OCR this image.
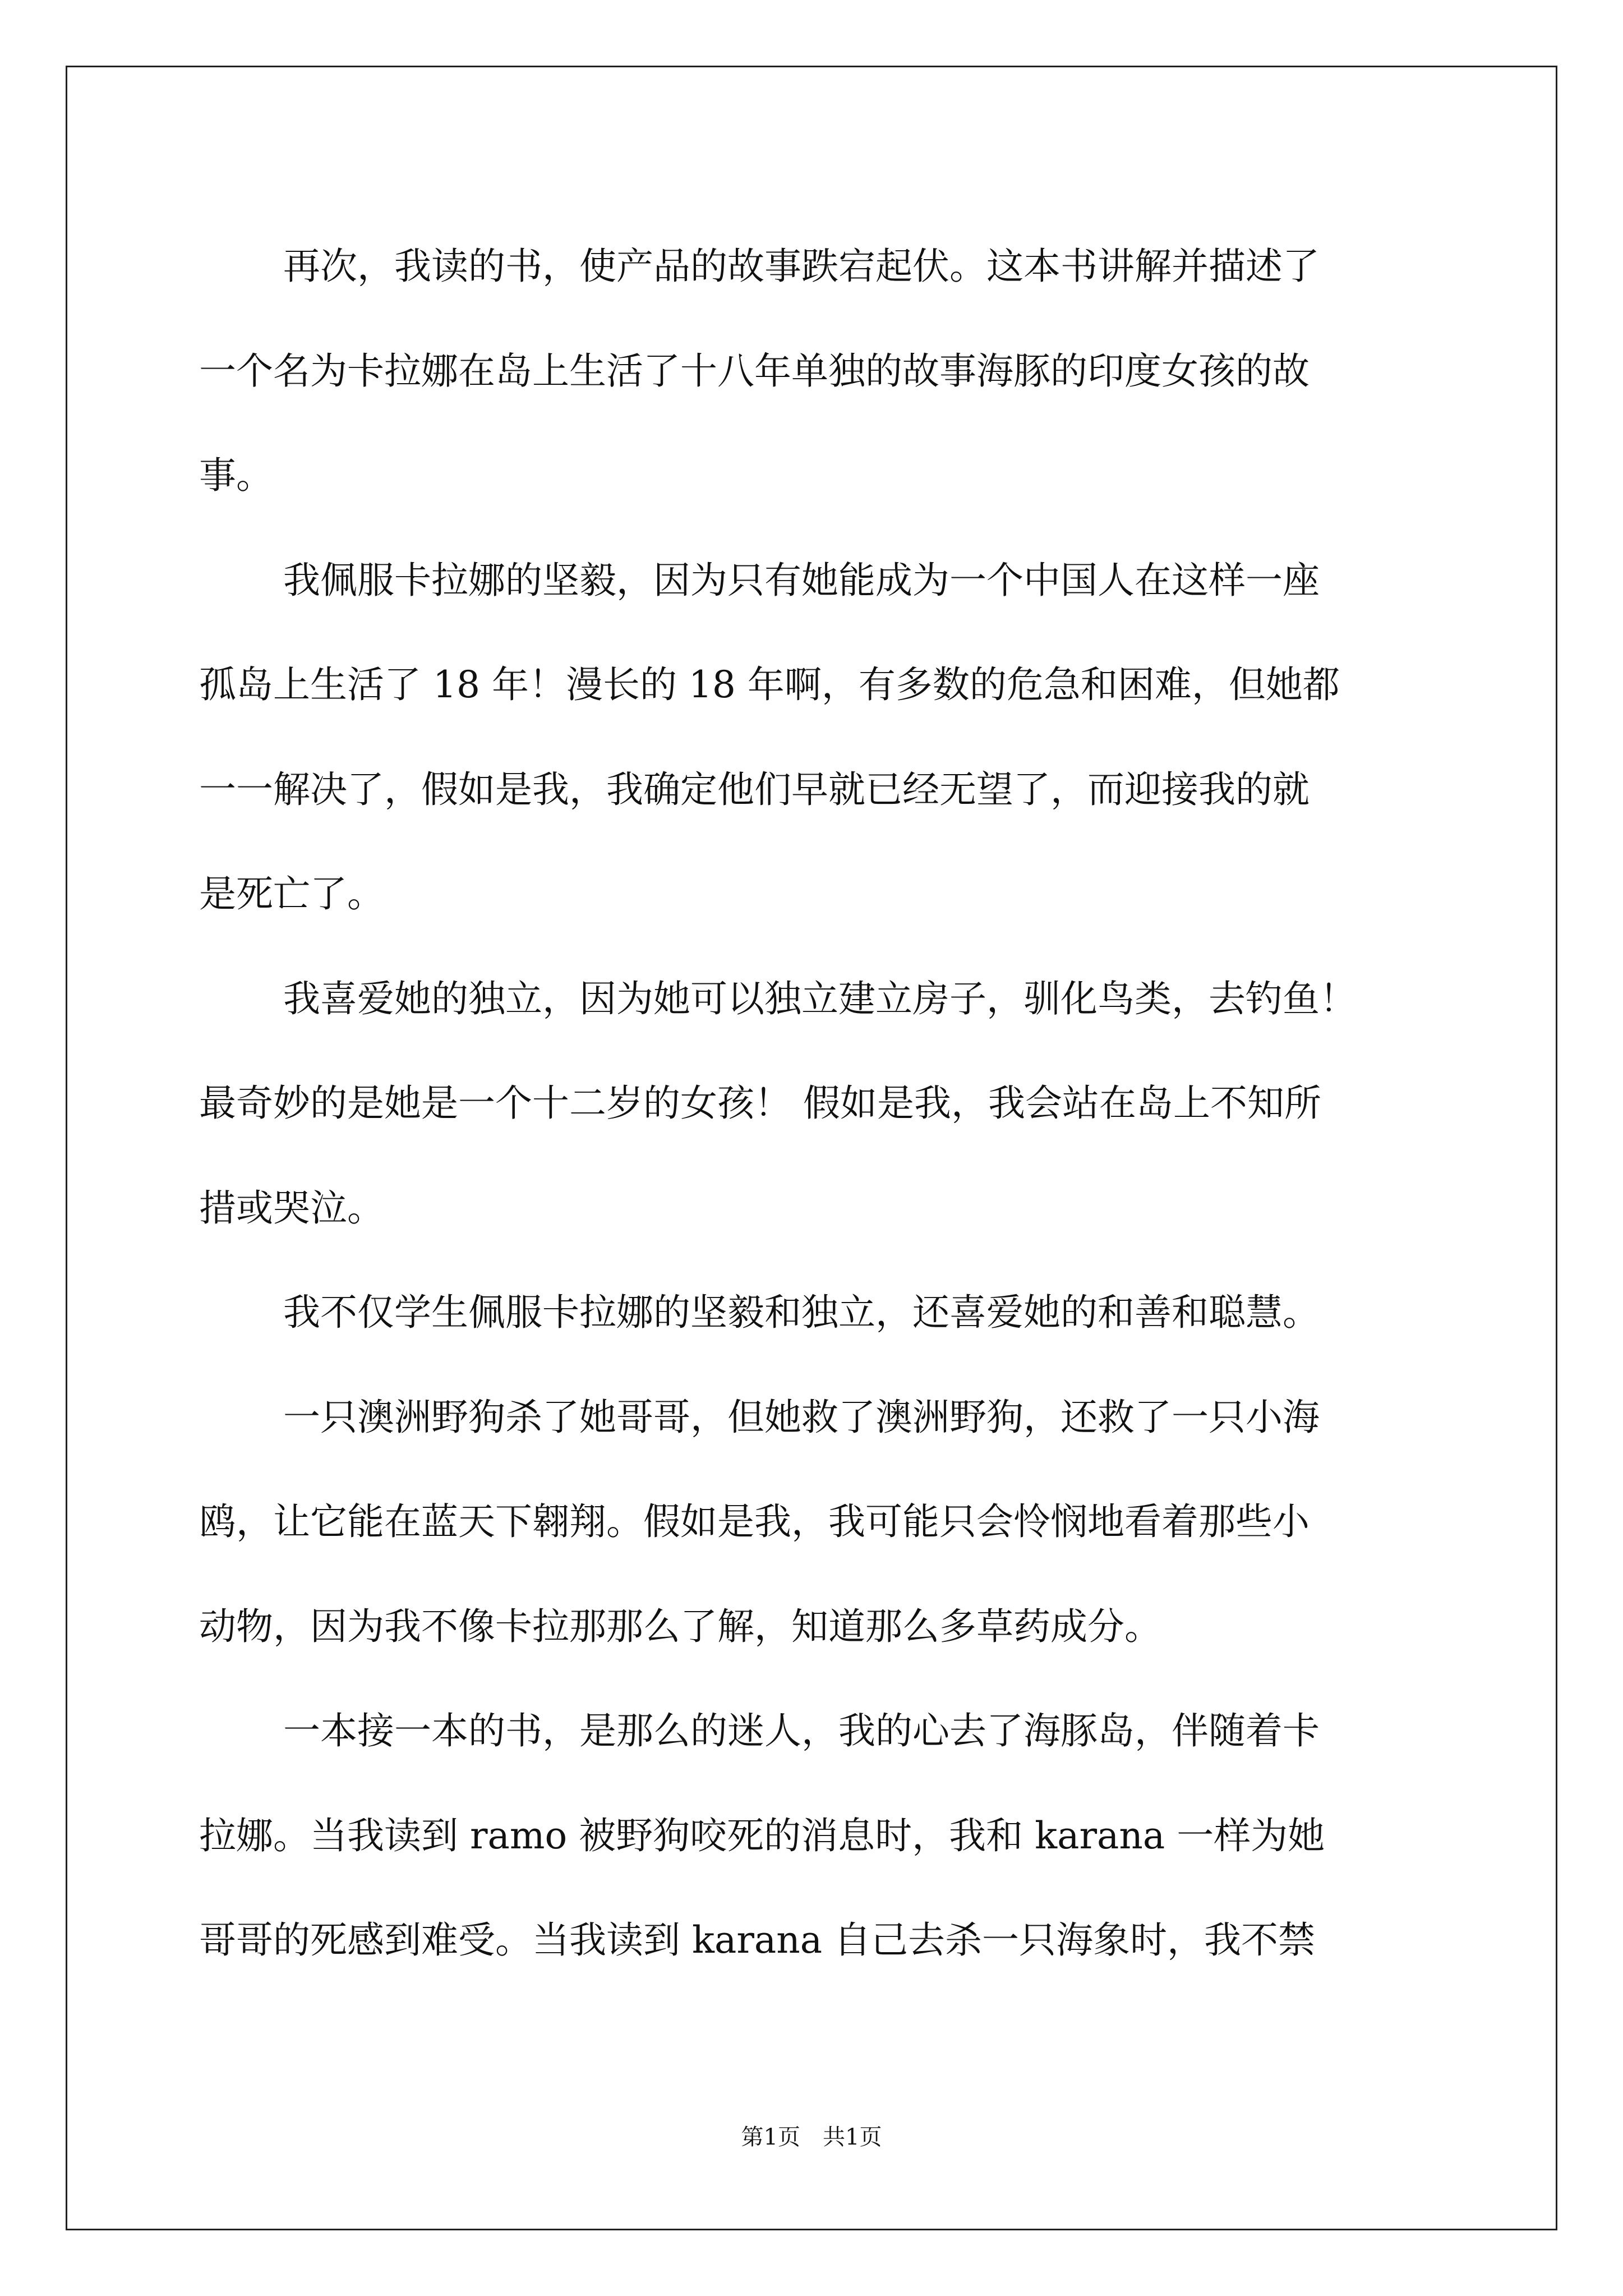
再次，我读的书，使产品的故事跌宕起伏。这本书讲解并描述了
一个名为卡拉娜在岛上生活了十八年单独的故事海豚的印度女孩的故
事。
我佩服卡拉娜的坚毅，因为只有她能成为一个中国人在这样一座
孤岛上生活了 18 年！漫长的 18 年啊，有多数的危急和困难，但她都
一一解决了，假如是我，我确定他们早就已经无望了，而迎接我的就
是死亡了。
我喜爱她的独立，因为她可以独立建立房子，驯化鸟类，去钓鱼！
最奇妙的是她是一个十二岁的女孩！ 假如是我，我会站在岛上不知所
措或哭泣。
我不仅学生佩服卡拉娜的坚毅和独立，还喜爱她的和善和聪慧。
一只澳洲野狗杀了她哥哥，但她救了澳洲野狗，还救了一只小海
鸥，让它能在蓝天下翱翔。假如是我，我可能只会怜悯地看着那些小
动物，因为我不像卡拉那那么了解，知道那么多草药成分。
一本接一本的书，是那么的迷人，我的心去了海豚岛，伴随着卡
拉娜。当我读到 ramo 被野狗咬死的消息时，我和 karana 一样为她
哥哥的死感到难受。当我读到 karana 自己去杀一只海象时，我不禁
第1页　共1页
